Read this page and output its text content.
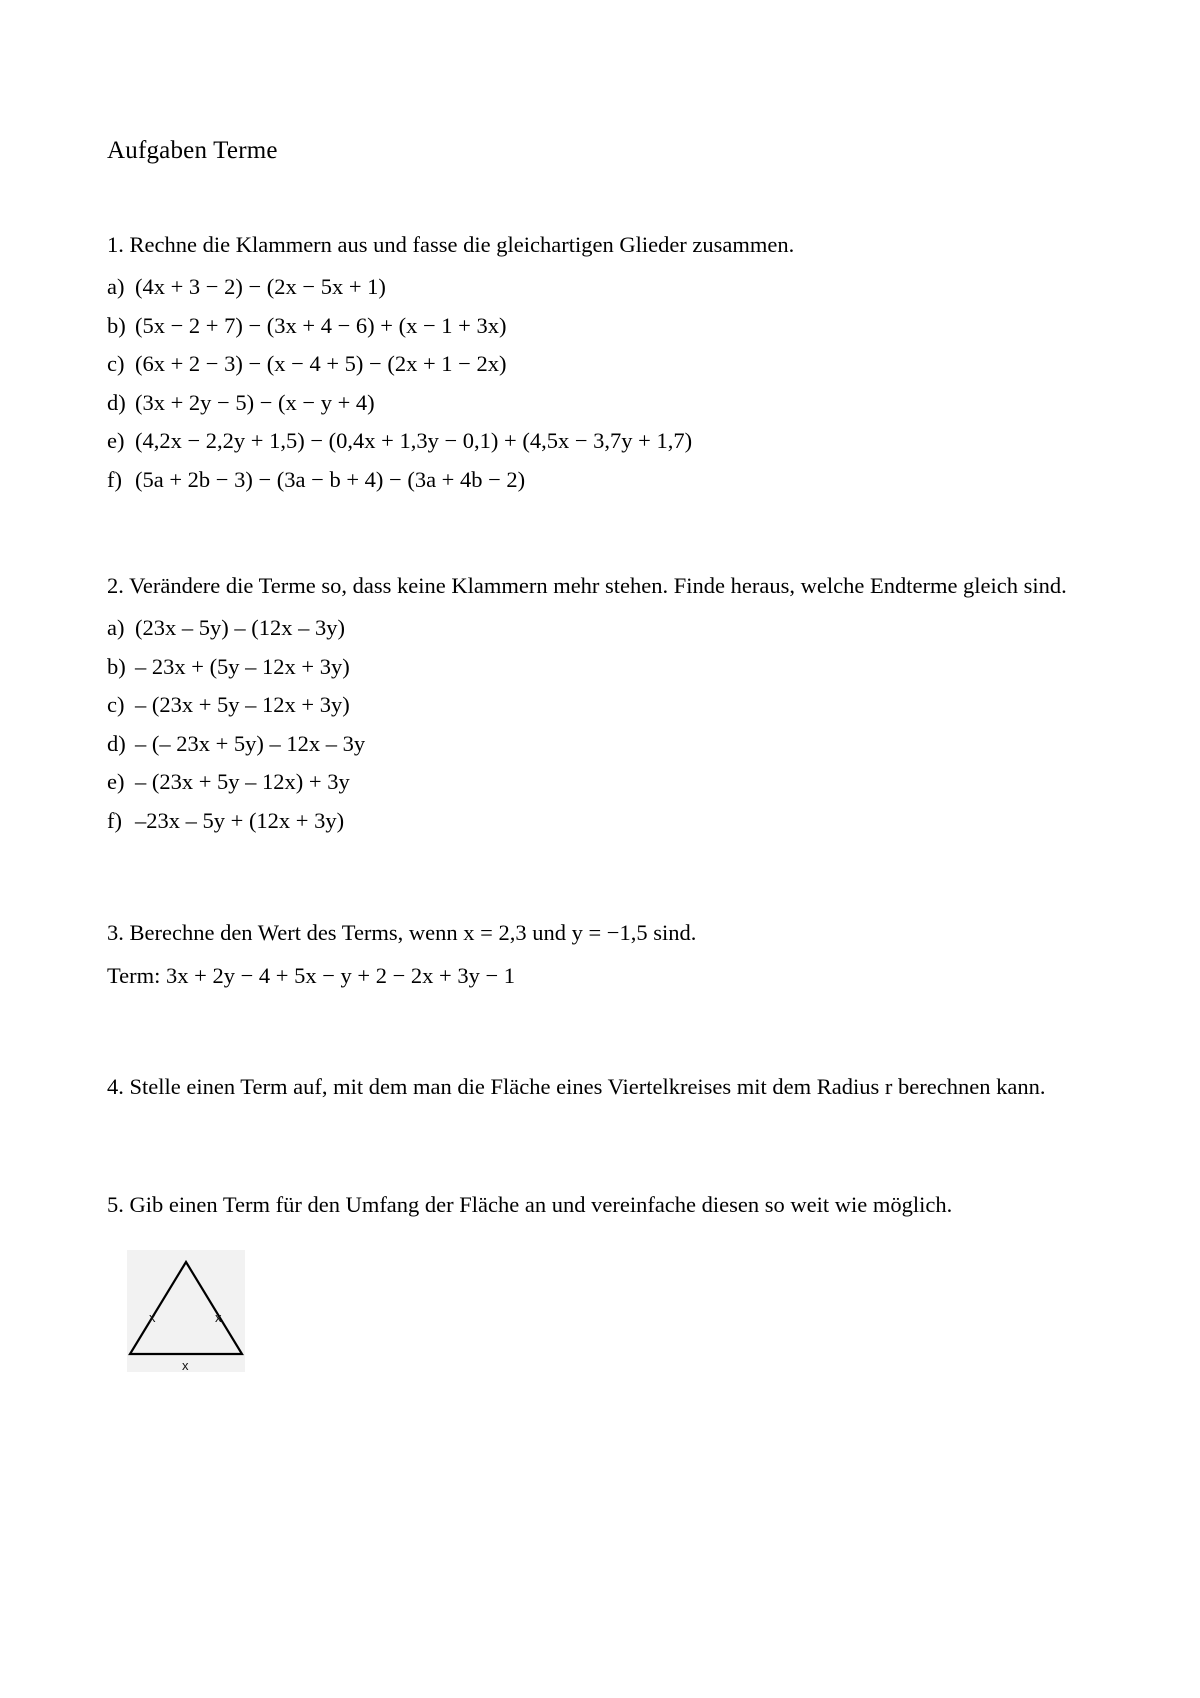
Aufgaben Terme

1. Rechne die Klammern aus und fasse die gleichartigen Glieder zusammen.

a) (4x + 3 − 2) − (2x − 5x + 1)
b) (5x − 2 + 7) − (3x + 4 − 6) + (x − 1 + 3x)
c) (6x + 2 − 3) − (x − 4 + 5) − (2x + 1 − 2x)
d) (3x + 2y − 5) − (x − y + 4)
e) (4,2x − 2,2y + 1,5) − (0,4x + 1,3y − 0,1) + (4,5x − 3,7y + 1,7)
f) (5a + 2b − 3) − (3a − b + 4) − (3a + 4b − 2)

2. Verändere die Terme so, dass keine Klammern mehr stehen. Finde heraus, welche Endterme gleich sind.

a) (23x – 5y) – (12x – 3y)
b) – 23x + (5y – 12x + 3y)
c) – (23x + 5y – 12x + 3y)
d) – (– 23x + 5y) – 12x – 3y
e) – (23x + 5y – 12x) + 3y
f) –23x – 5y + (12x + 3y)

3. Berechne den Wert des Terms, wenn x = 2,3 und y = −1,5 sind.

Term: 3x + 2y − 4 + 5x − y + 2 − 2x + 3y − 1

4. Stelle einen Term auf, mit dem man die Fläche eines Viertelkreises mit dem Radius r berechnen kann.

5. Gib einen Term für den Umfang der Fläche an und vereinfache diesen so weit wie möglich.

x	x
x
